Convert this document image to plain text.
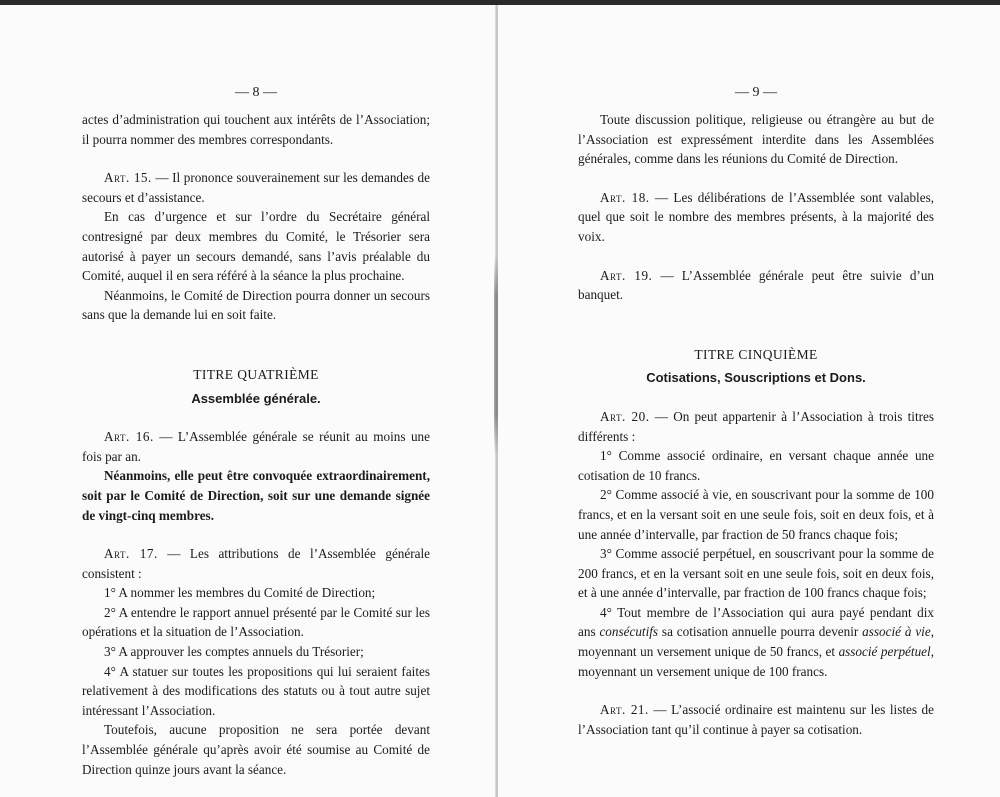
— 8 —

actes d’administration qui touchent aux intérêts de l’Association; il pourra nommer des membres correspondants.

Art. 15. — Il prononce souverainement sur les demandes de secours et d’assistance.

En cas d’urgence et sur l’ordre du Secrétaire général contresigné par deux membres du Comité, le Trésorier sera autorisé à payer un secours demandé, sans l’avis préalable du Comité, auquel il en sera référé à la séance la plus prochaine.

Néanmoins, le Comité de Direction pourra donner un secours sans que la demande lui en soit faite.

TITRE QUATRIÈME

Assemblée générale.

Art. 16. — L’Assemblée générale se réunit au moins une fois par an.

Néanmoins, elle peut être convoquée extraordinairement, soit par le Comité de Direction, soit sur une demande signée de vingt-cinq membres.

Art. 17. — Les attributions de l’Assemblée générale consistent :

1° A nommer les membres du Comité de Direction;

2° A entendre le rapport annuel présenté par le Comité sur les opérations et la situation de l’Association.

3° A approuver les comptes annuels du Trésorier;

4° A statuer sur toutes les propositions qui lui seraient faites relativement à des modifications des statuts ou à tout autre sujet intéressant l’Association.

Toutefois, aucune proposition ne sera portée devant l’Assemblée générale qu’après avoir été soumise au Comité de Direction quinze jours avant la séance.

— 9 —

Toute discussion politique, religieuse ou étrangère au but de l’Association est expressément interdite dans les Assemblées générales, comme dans les réunions du Comité de Direction.

Art. 18. — Les délibérations de l’Assemblée sont valables, quel que soit le nombre des membres présents, à la majorité des voix.

Art. 19. — L’Assemblée générale peut être suivie d’un banquet.

TITRE CINQUIÈME

Cotisations, Souscriptions et Dons.

Art. 20. — On peut appartenir à l’Association à trois titres différents :

1° Comme associé ordinaire, en versant chaque année une cotisation de 10 francs.

2° Comme associé à vie, en souscrivant pour la somme de 100 francs, et en la versant soit en une seule fois, soit en deux fois, et à une année d’intervalle, par fraction de 50 francs chaque fois;

3° Comme associé perpétuel, en souscrivant pour la somme de 200 francs, et en la versant soit en une seule fois, soit en deux fois, et à une année d’intervalle, par fraction de 100 francs chaque fois;

4° Tout membre de l’Association qui aura payé pendant dix ans consécutifs sa cotisation annuelle pourra devenir associé à vie, moyennant un versement unique de 50 francs, et associé perpétuel, moyennant un versement unique de 100 francs.

Art. 21. — L’associé ordinaire est maintenu sur les listes de l’Association tant qu’il continue à payer sa cotisation.
